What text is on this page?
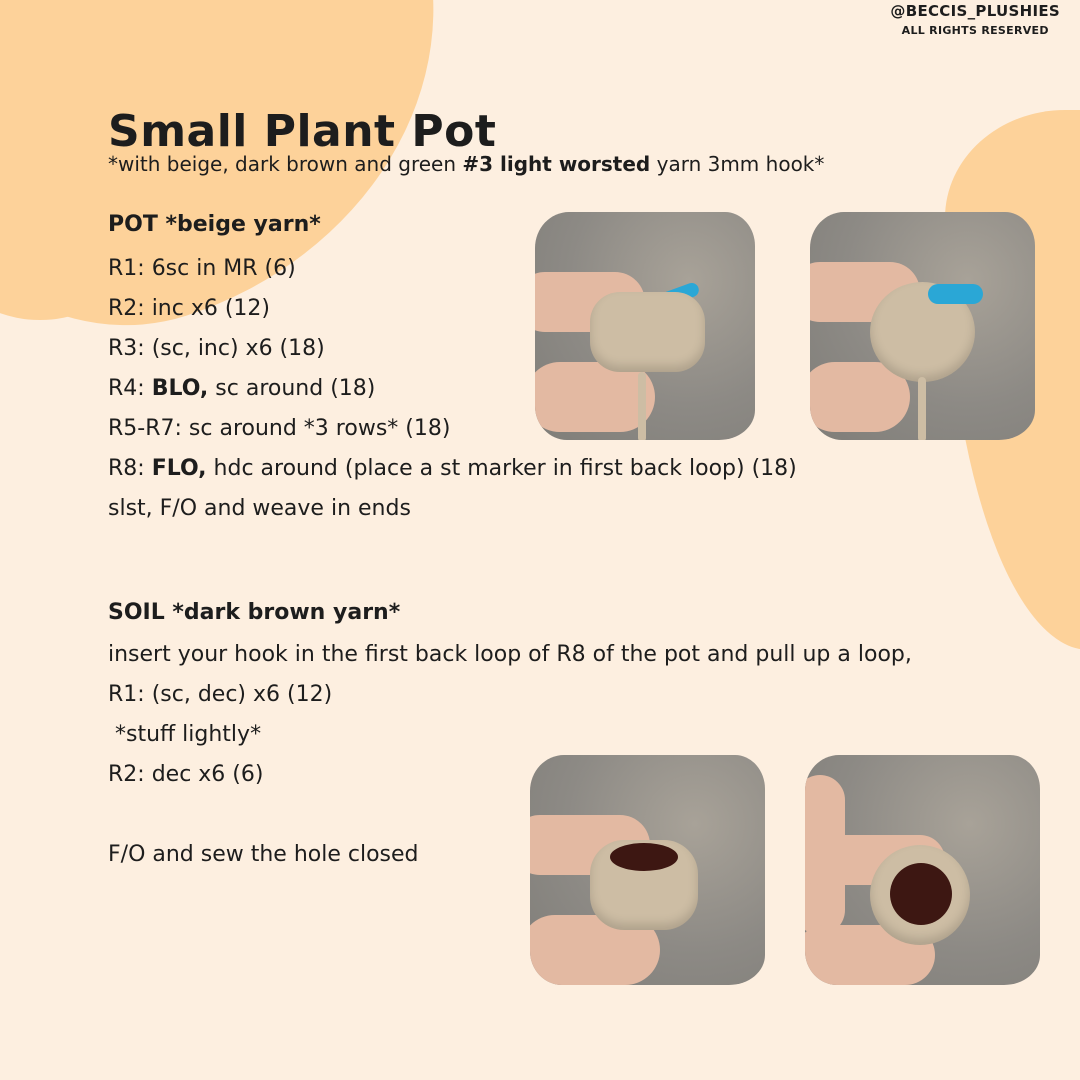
@BECCIS_PLUSHIES
ALL RIGHTS RESERVED
Small Plant Pot
*with beige, dark brown and green #3 light worsted yarn 3mm hook*
POT *beige yarn*
R1: 6sc in MR (6)
R2: inc x6 (12)
R3: (sc, inc) x6 (18)
R4: BLO, sc around (18)
R5-R7: sc around *3 rows* (18)
R8: FLO, hdc around (place a st marker in first back loop) (18)
slst, F/O and weave in ends
SOIL *dark brown yarn*
insert your hook in the first back loop of R8 of the pot and pull up a loop,
R1: (sc, dec) x6 (12)
*stuff lightly*
R2: dec x6 (6)
F/O and sew the hole closed
